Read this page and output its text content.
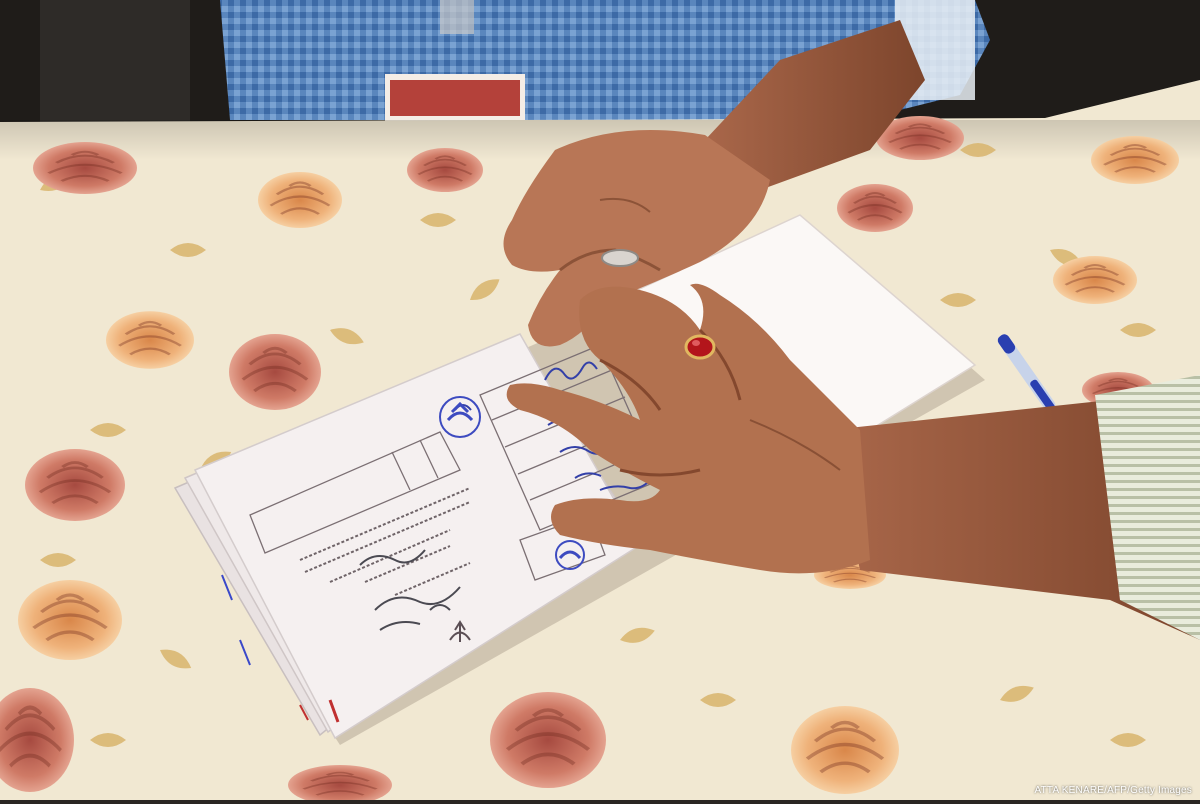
ATTA KENARE/AFP/Getty Images
